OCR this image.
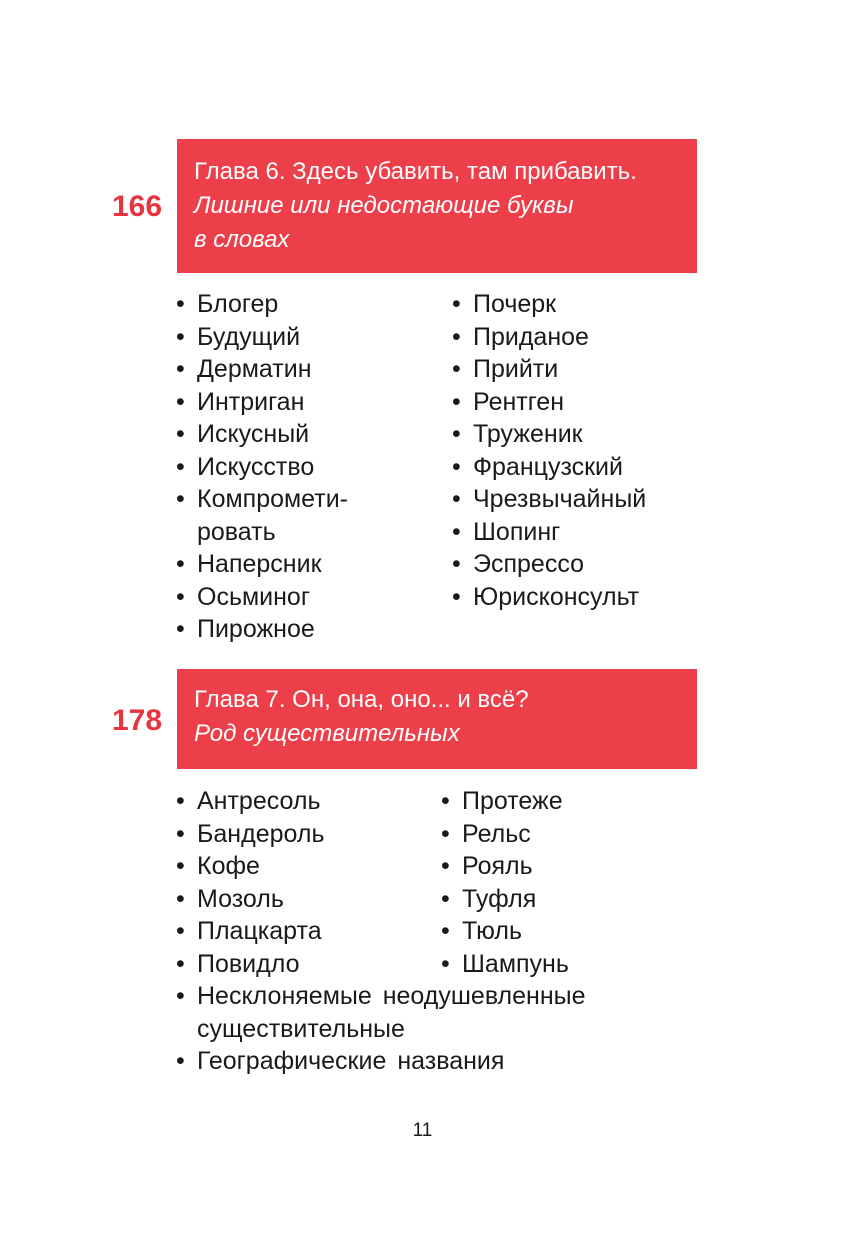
166
Глава 6. Здесь убавить, там прибавить.
Лишние или недостающие буквы
в словах
• Блогер
• Будущий
• Дерматин
• Интриган
• Искусный
• Искусство
• Компромети-
ровать
• Наперсник
• Осьминог
• Пирожное
• Почерк
• Приданое
• Прийти
• Рентген
• Труженик
• Французский
• Чрезвычайный
• Шопинг
• Эспрессо
• Юрисконсульт
178
Глава 7. Он, она, оно... и всё?
Род существительных
• Антресоль
• Бандероль
• Кофе
• Мозоль
• Плацкарта
• Повидло
• Протеже
• Рельс
• Рояль
• Туфля
• Тюль
• Шампунь
• Несклоняемые неодушевленные
существительные
• Географические названия
11
